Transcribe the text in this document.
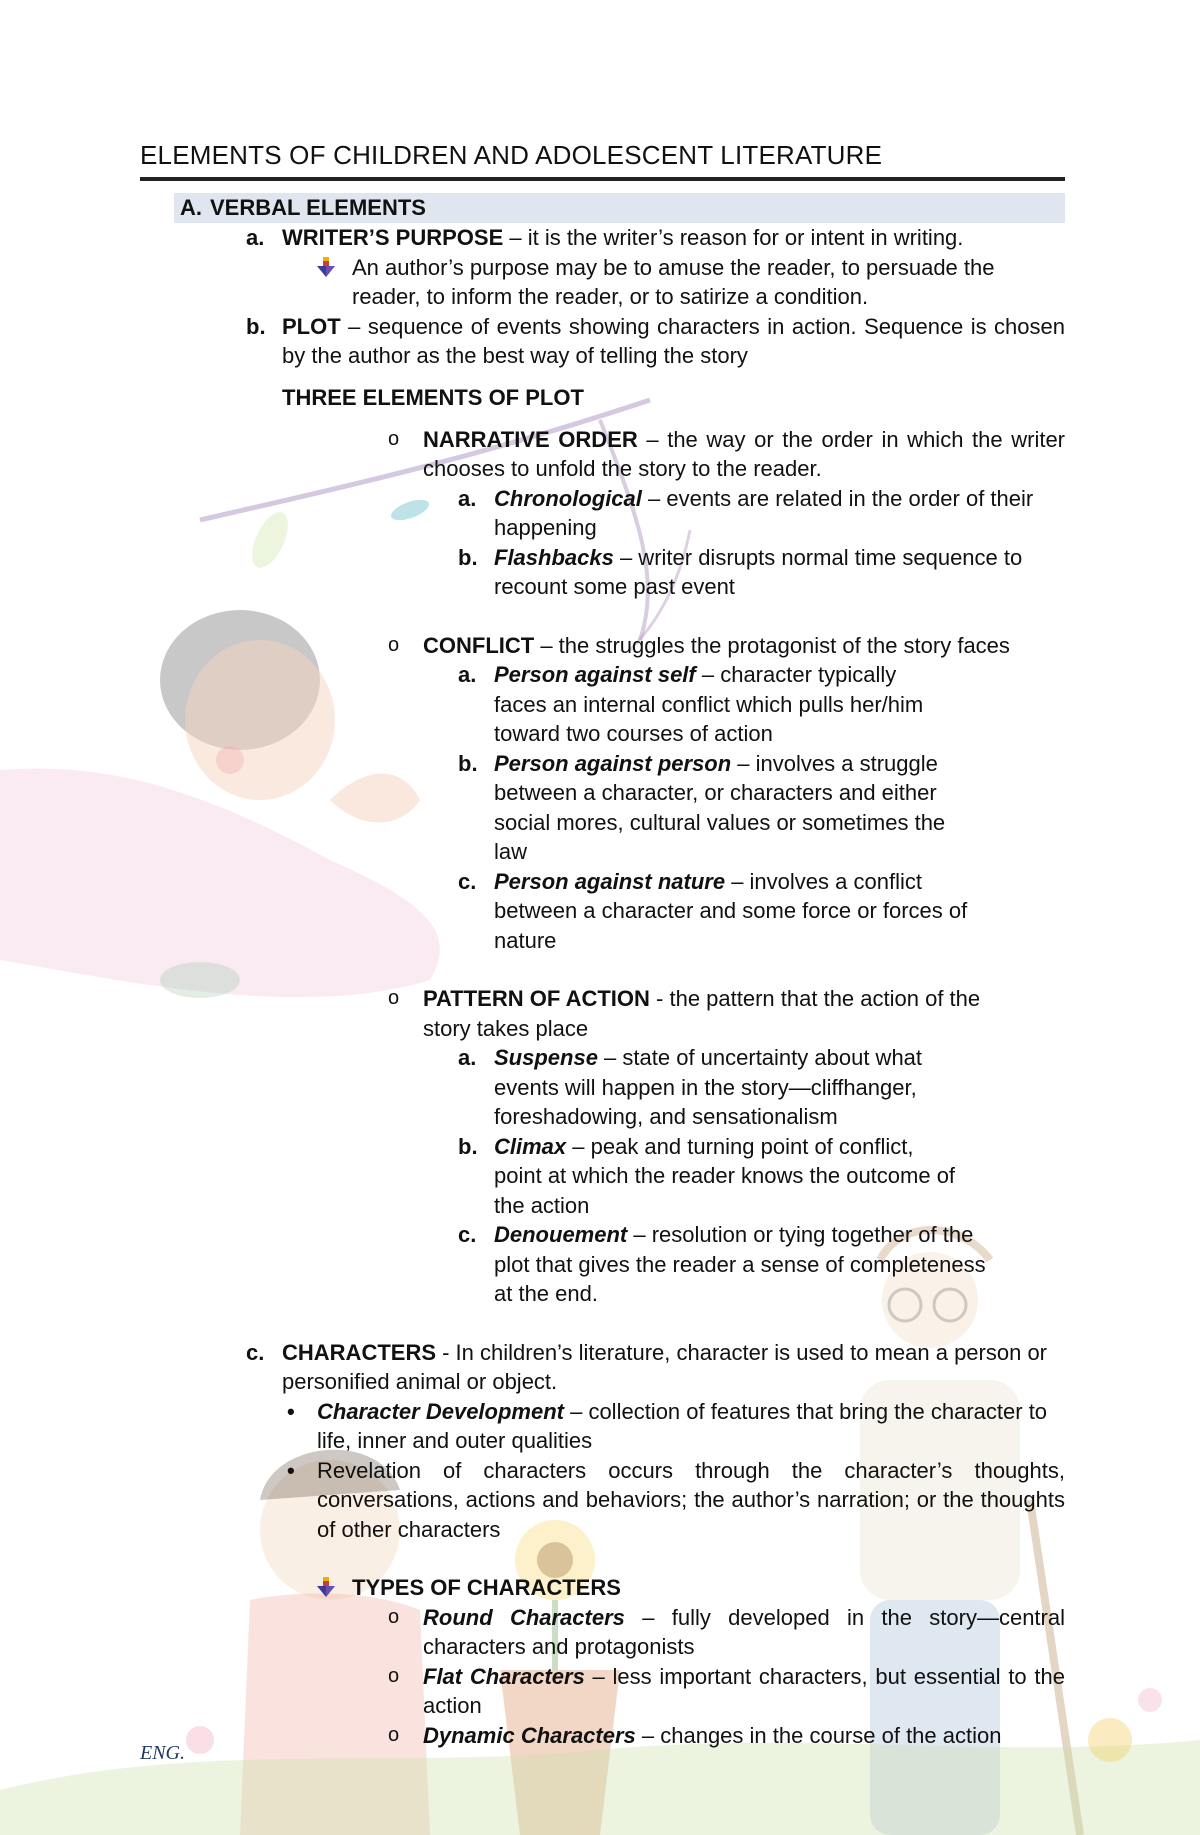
ELEMENTS OF CHILDREN AND ADOLESCENT LITERATURE
A. VERBAL ELEMENTS
a. WRITER’S PURPOSE – it is the writer’s reason for or intent in writing.
An author’s purpose may be to amuse the reader, to persuade the reader, to inform the reader, or to satirize a condition.
b. PLOT – sequence of events showing characters in action. Sequence is chosen by the author as the best way of telling the story
THREE ELEMENTS OF PLOT
o NARRATIVE ORDER – the way or the order in which the writer chooses to unfold the story to the reader.
a. Chronological – events are related in the order of their happening
b. Flashbacks – writer disrupts normal time sequence to recount some past event
o CONFLICT – the struggles the protagonist of the story faces
a. Person against self – character typically faces an internal conflict which pulls her/him toward two courses of action
b. Person against person – involves a struggle between a character, or characters and either social mores, cultural values or sometimes the law
c. Person against nature – involves a conflict between a character and some force or forces of nature
o PATTERN OF ACTION - the pattern that the action of the story takes place
a. Suspense – state of uncertainty about what events will happen in the story—cliffhanger, foreshadowing, and sensationalism
b. Climax – peak and turning point of conflict, point at which the reader knows the outcome of the action
c. Denouement – resolution or tying together of the plot that gives the reader a sense of completeness at the end.
c. CHARACTERS - In children’s literature, character is used to mean a person or personified animal or object.
• Character Development – collection of features that bring the character to life, inner and outer qualities
• Revelation of characters occurs through the character’s thoughts, conversations, actions and behaviors; the author’s narration; or the thoughts of other characters
TYPES OF CHARACTERS
o Round Characters – fully developed in the story—central characters and protagonists
o Flat Characters – less important characters, but essential to the action
o Dynamic Characters – changes in the course of the action
ENG.
